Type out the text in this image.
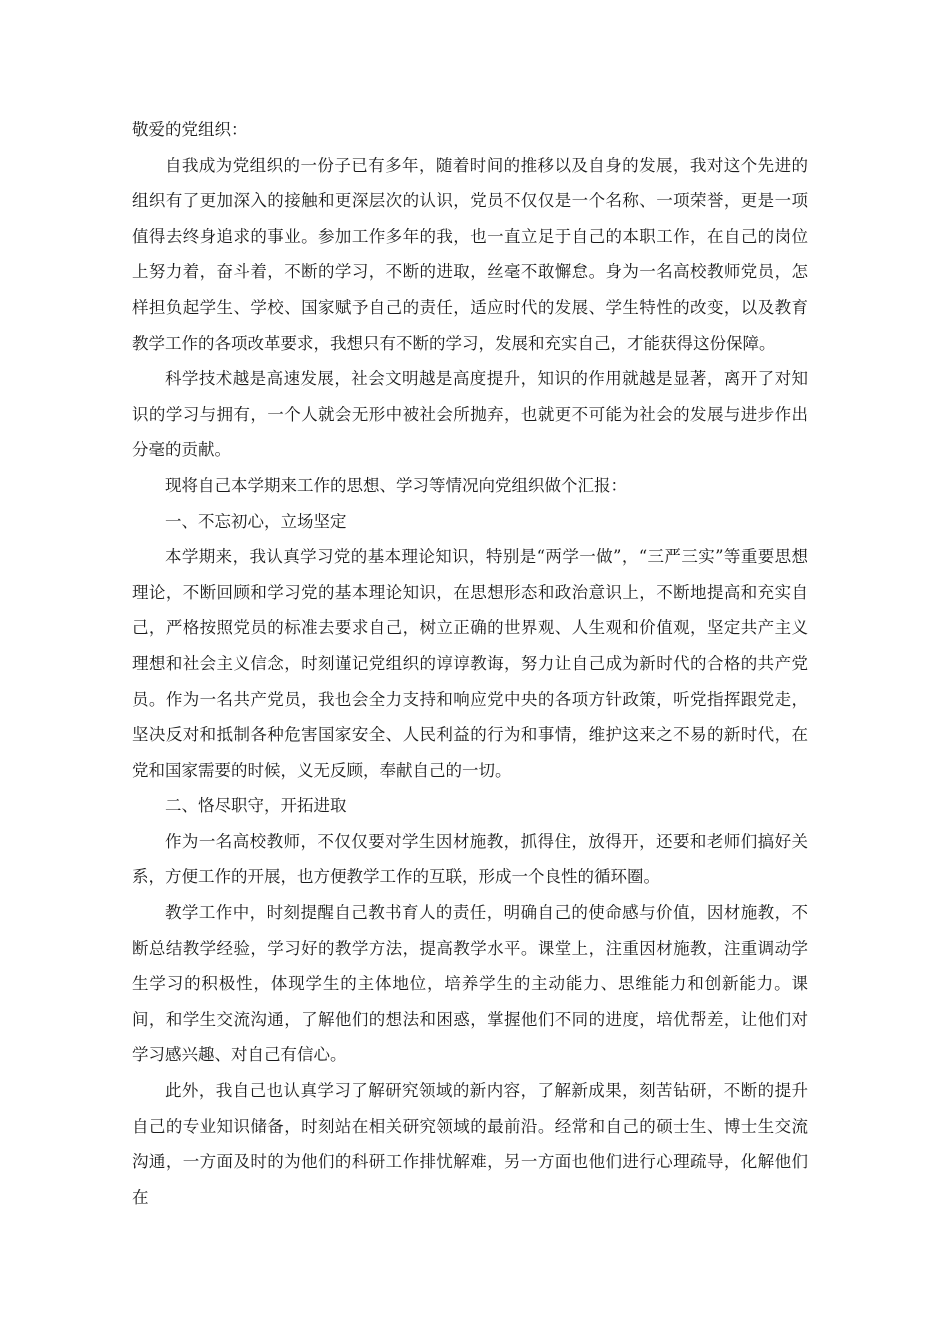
敬爱的党组织：

自我成为党组织的一份子已有多年，随着时间的推移以及自身的发展，我对这个先进的组织有了更加深入的接触和更深层次的认识，党员不仅仅是一个名称、一项荣誉，更是一项值得去终身追求的事业。参加工作多年的我，也一直立足于自己的本职工作，在自己的岗位上努力着，奋斗着，不断的学习，不断的进取，丝毫不敢懈怠。身为一名高校教师党员，怎样担负起学生、学校、国家赋予自己的责任，适应时代的发展、学生特性的改变，以及教育教学工作的各项改革要求，我想只有不断的学习，发展和充实自己，才能获得这份保障。

科学技术越是高速发展，社会文明越是高度提升，知识的作用就越是显著，离开了对知识的学习与拥有，一个人就会无形中被社会所抛弃，也就更不可能为社会的发展与进步作出分毫的贡献。

现将自己本学期来工作的思想、学习等情况向党组织做个汇报：

一、不忘初心，立场坚定

本学期来，我认真学习党的基本理论知识，特别是“两学一做”，“三严三实”等重要思想理论，不断回顾和学习党的基本理论知识，在思想形态和政治意识上，不断地提高和充实自己，严格按照党员的标准去要求自己，树立正确的世界观、人生观和价值观，坚定共产主义理想和社会主义信念，时刻谨记党组织的谆谆教诲，努力让自己成为新时代的合格的共产党员。作为一名共产党员，我也会全力支持和响应党中央的各项方针政策，听党指挥跟党走，坚决反对和抵制各种危害国家安全、人民利益的行为和事情，维护这来之不易的新时代，在党和国家需要的时候，义无反顾，奉献自己的一切。

二、恪尽职守，开拓进取

作为一名高校教师，不仅仅要对学生因材施教，抓得住，放得开，还要和老师们搞好关系，方便工作的开展，也方便教学工作的互联，形成一个良性的循环圈。

教学工作中，时刻提醒自己教书育人的责任，明确自己的使命感与价值，因材施教，不断总结教学经验，学习好的教学方法，提高教学水平。课堂上，注重因材施教，注重调动学生学习的积极性，体现学生的主体地位，培养学生的主动能力、思维能力和创新能力。课间，和学生交流沟通，了解他们的想法和困惑，掌握他们不同的进度，培优帮差，让他们对学习感兴趣、对自己有信心。

此外，我自己也认真学习了解研究领域的新内容，了解新成果，刻苦钻研，不断的提升自己的专业知识储备，时刻站在相关研究领域的最前沿。经常和自己的硕士生、博士生交流沟通，一方面及时的为他们的科研工作排忧解难，另一方面也他们进行心理疏导，化解他们在
